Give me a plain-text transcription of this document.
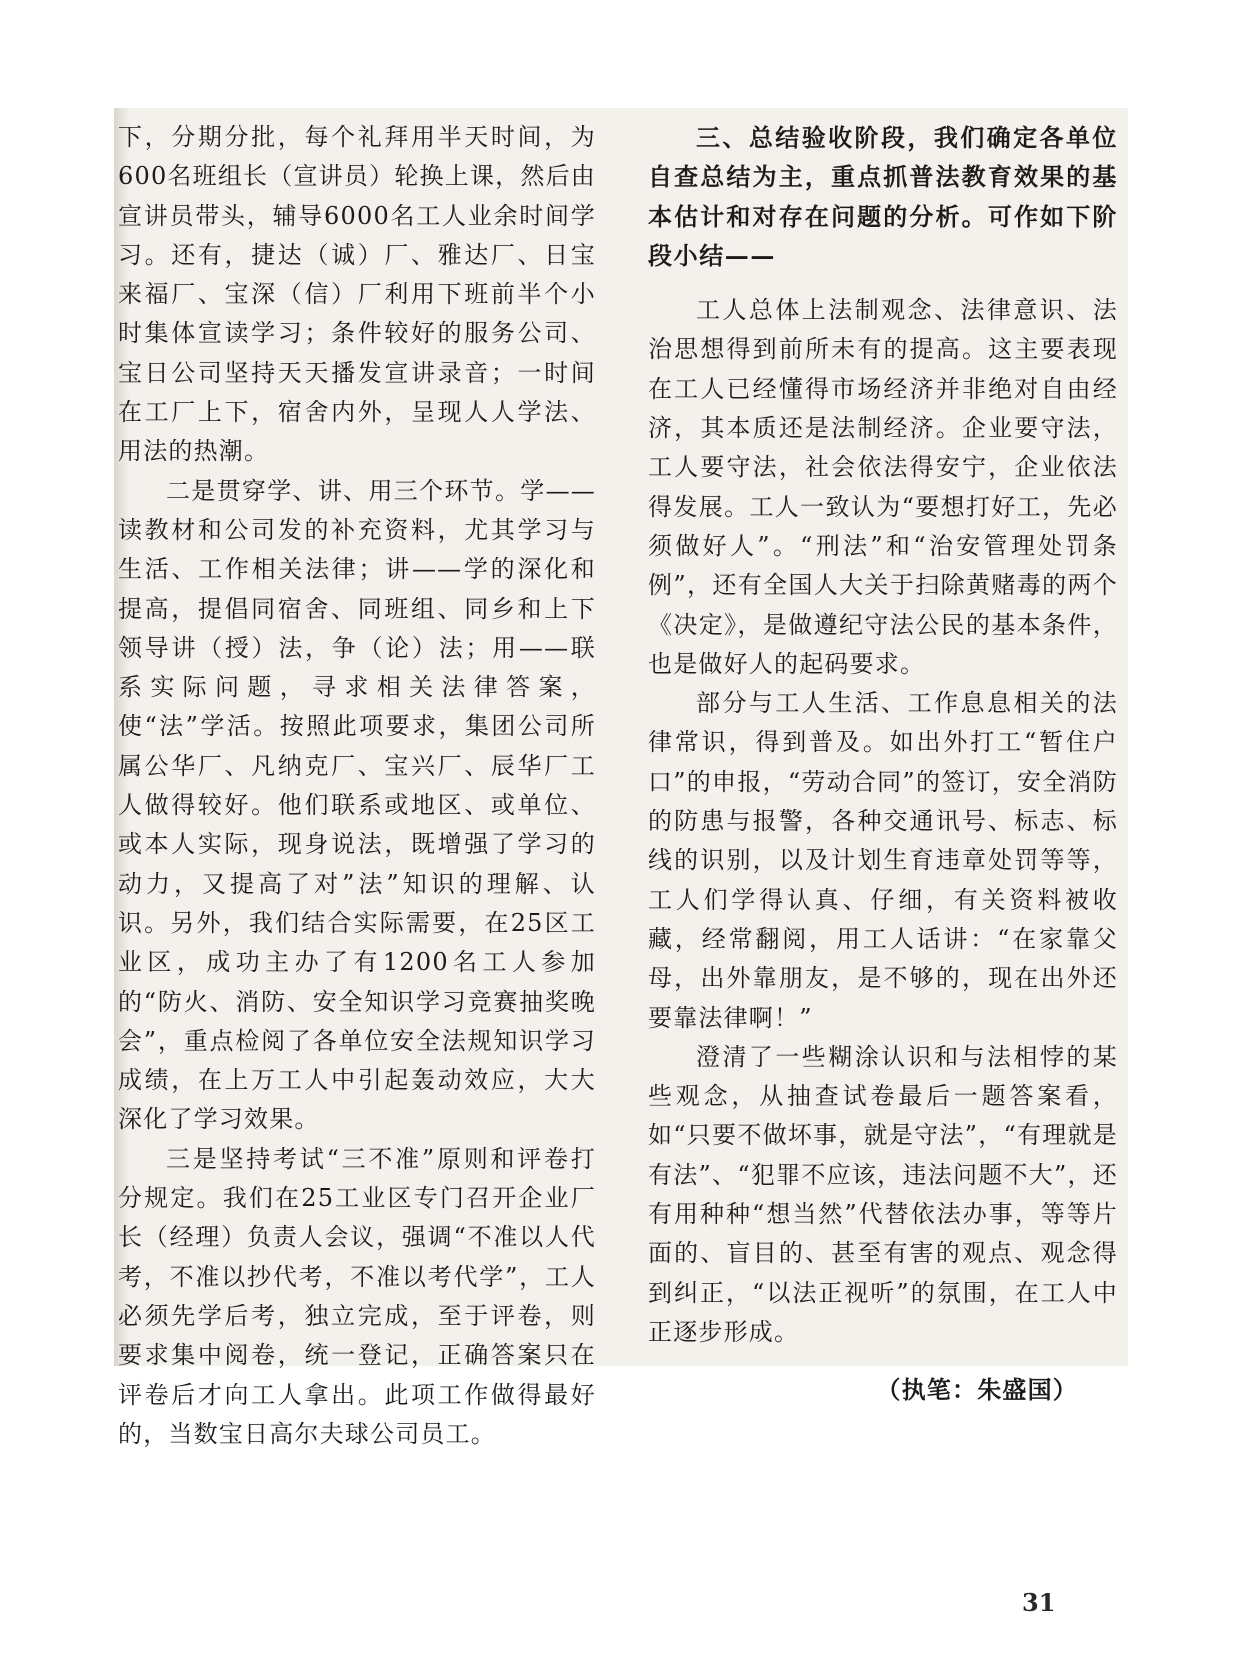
下，分期分批，每个礼拜用半天时间，为600名班组长（宣讲员）轮换上课，然后由宣讲员带头，辅导6000名工人业余时间学习。还有，捷达（诚）厂、雅达厂、日宝来福厂、宝深（信）厂利用下班前半个小时集体宣读学习；条件较好的服务公司、宝日公司坚持天天播发宣讲录音；一时间在工厂上下，宿舍内外，呈现人人学法、用法的热潮。

二是贯穿学、讲、用三个环节。学——读教材和公司发的补充资料，尤其学习与生活、工作相关法律；讲——学的深化和提高，提倡同宿舍、同班组、同乡和上下领导讲（授）法，争（论）法；用——联系实际问题，寻求相关法律答案，使“法”学活。按照此项要求，集团公司所属公华厂、凡纳克厂、宝兴厂、辰华厂工人做得较好。他们联系或地区、或单位、或本人实际，现身说法，既增强了学习的动力，又提高了对”法”知识的理解、认识。另外，我们结合实际需要，在25区工业区，成功主办了有1200名工人参加的“防火、消防、安全知识学习竞赛抽奖晚会”，重点检阅了各单位安全法规知识学习成绩，在上万工人中引起轰动效应，大大深化了学习效果。

三是坚持考试“三不准”原则和评卷打分规定。我们在25工业区专门召开企业厂长（经理）负责人会议，强调“不准以人代考，不准以抄代考，不准以考代学”，工人必须先学后考，独立完成，至于评卷，则要求集中阅卷，统一登记，正确答案只在评卷后才向工人拿出。此项工作做得最好的，当数宝日高尔夫球公司员工。

三、总结验收阶段，我们确定各单位自查总结为主，重点抓普法教育效果的基本估计和对存在问题的分析。可作如下阶段小结——

工人总体上法制观念、法律意识、法治思想得到前所未有的提高。这主要表现在工人已经懂得市场经济并非绝对自由经济，其本质还是法制经济。企业要守法，工人要守法，社会依法得安宁，企业依法得发展。工人一致认为“要想打好工，先必须做好人”。“刑法”和“治安管理处罚条例”，还有全国人大关于扫除黄赌毒的两个《决定》，是做遵纪守法公民的基本条件，也是做好人的起码要求。

部分与工人生活、工作息息相关的法律常识，得到普及。如出外打工“暂住户口”的申报，“劳动合同”的签订，安全消防的防患与报警，各种交通讯号、标志、标线的识别，以及计划生育违章处罚等等，工人们学得认真、仔细，有关资料被收藏，经常翻阅，用工人话讲：“在家靠父母，出外靠朋友，是不够的，现在出外还要靠法律啊！”

澄清了一些糊涂认识和与法相悖的某些观念，从抽查试卷最后一题答案看，如“只要不做坏事，就是守法”，“有理就是有法”、“犯罪不应该，违法问题不大”，还有用种种“想当然”代替依法办事，等等片面的、盲目的、甚至有害的观点、观念得到纠正，“以法正视听”的氛围，在工人中正逐步形成。

（执笔：朱盛国）

31
